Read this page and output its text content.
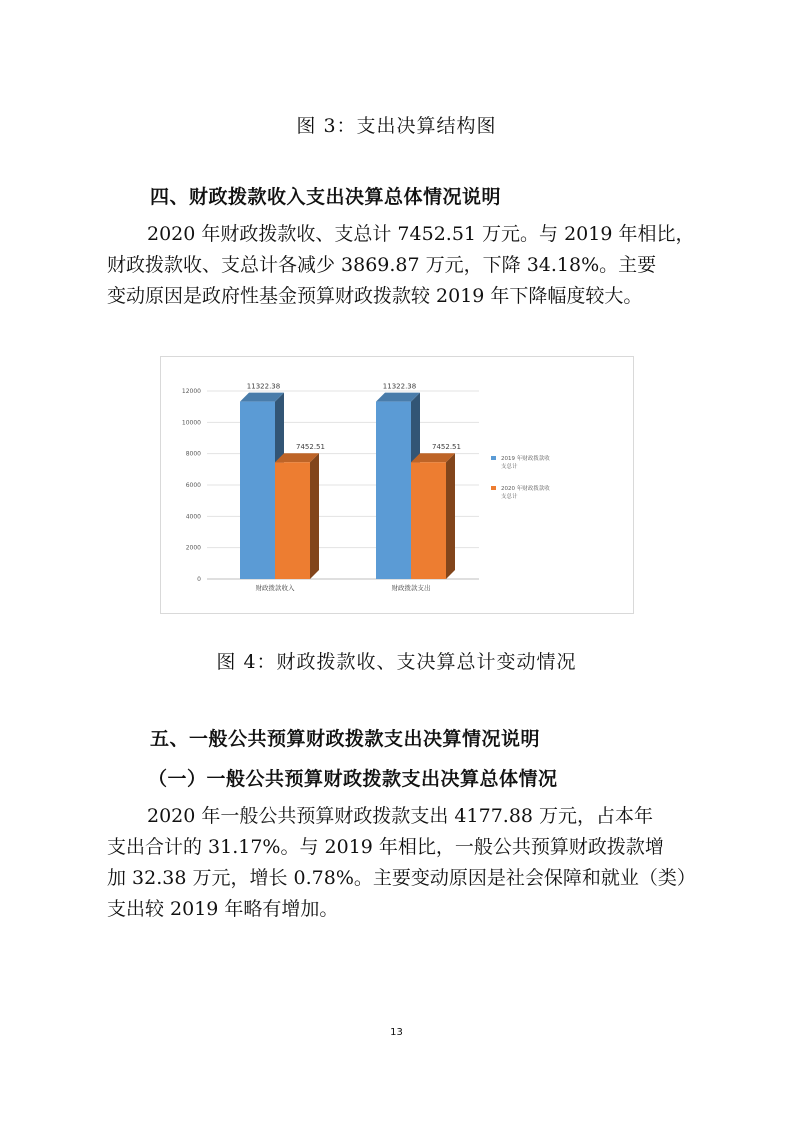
图 3：支出决算结构图
四、财政拨款收入支出决算总体情况说明
2020 年财政拨款收、支总计 7452.51 万元。与 2019 年相比，
财政拨款收、支总计各减少 3869.87 万元，下降 34.18%。主要
变动原因是政府性基金预算财政拨款较 2019 年下降幅度较大。
0
2000
4000
6000
8000
10000
12000
11322.38
7452.51
财政拨款收入
11322.38
7452.51
财政拨款支出
2019 年财政拨款收
支总计
2020 年财政拨款收
支总计
图 4：财政拨款收、支决算总计变动情况
五、一般公共预算财政拨款支出决算情况说明
（一）一般公共预算财政拨款支出决算总体情况
2020 年一般公共预算财政拨款支出 4177.88 万元，占本年
支出合计的 31.17%。与 2019 年相比，一般公共预算财政拨款增
加 32.38 万元，增长 0.78%。主要变动原因是社会保障和就业（类）
支出较 2019 年略有增加。
13
